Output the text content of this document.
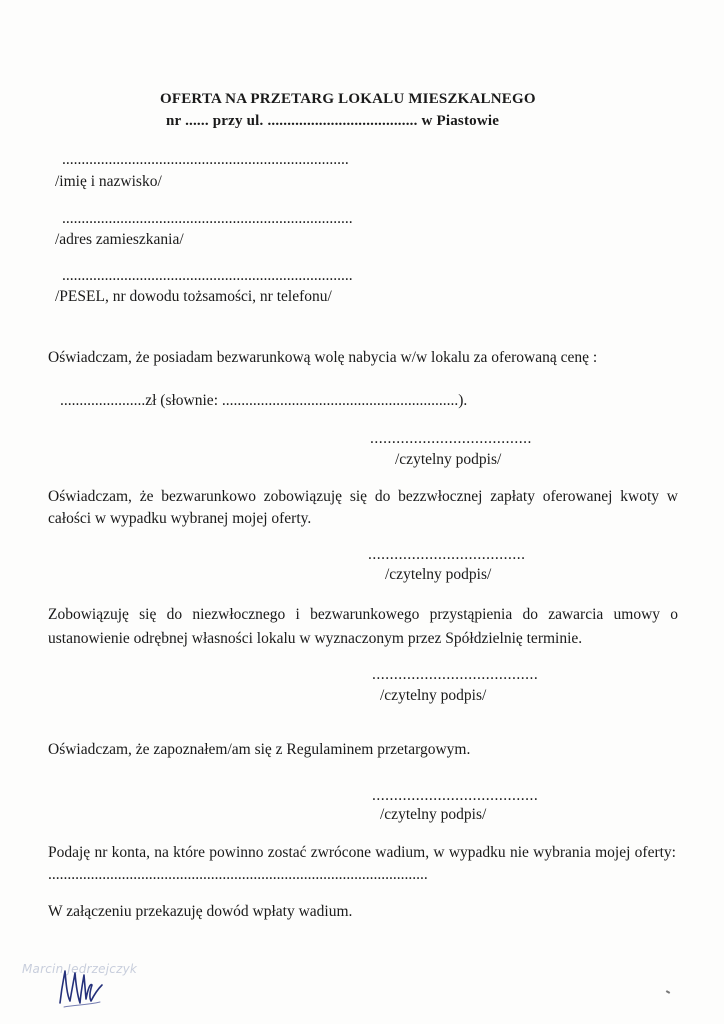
OFERTA NA PRZETARG LOKALU MIESZKALNEGO
nr ...... przy ul. ...................................... w Piastowie
..........................................................................
/imię i nazwisko/
...........................................................................
/adres zamieszkania/
...........................................................................
/PESEL, nr dowodu tożsamości, nr telefonu/
Oświadczam, że posiadam bezwarunkową wolę nabycia w/w lokalu za oferowaną cenę :
......................zł (słownie: .............................................................).
.....................................
/czytelny podpis/
Oświadczam, że bezwarunkowo zobowiązuję się do bezzwłocznej zapłaty oferowanej kwoty w całości w wypadku wybranej mojej oferty.
....................................
/czytelny podpis/
Zobowiązuję się do niezwłocznego i bezwarunkowego przystąpienia do zawarcia umowy o ustanowienie odrębnej własności lokalu w wyznaczonym przez Spółdzielnię terminie.
......................................
/czytelny podpis/
Oświadczam, że zapoznałem/am się z Regulaminem przetargowym.
......................................
/czytelny podpis/
Podaję nr konta, na które powinno zostać zwrócone wadium, w wypadku nie wybrania mojej oferty: ..................................................................................................
W załączeniu przekazuję dowód wpłaty wadium.
Marcin Jędrzejczyk
